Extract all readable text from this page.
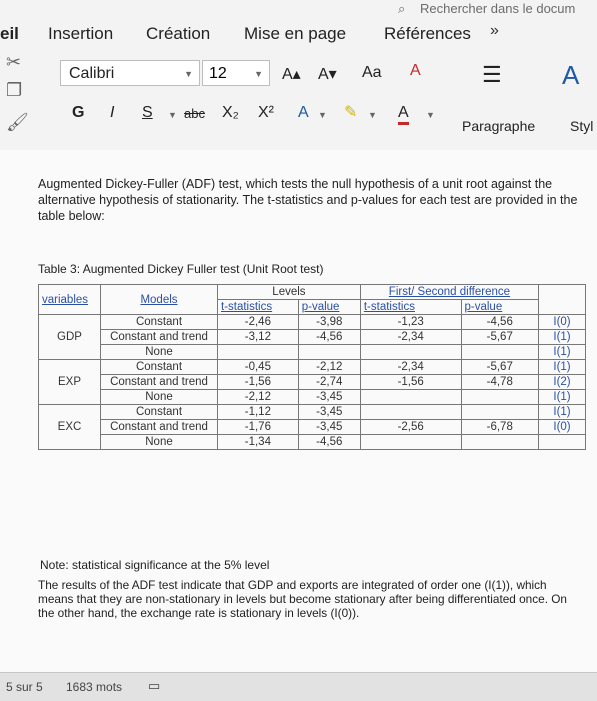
⌕ Rechercher dans le docum
eil Insertion Création Mise en page Références »
✂
❐
🖌
Calibri	▼	12	▼ A▴ A▾ Aa A	☰ A
G I S ▼ abc X₂ X² A ▼ ✎ ▼ A ▼
Paragraphe Styl
Augmented Dickey-Fuller (ADF) test, which tests the null hypothesis of a unit root against the alternative hypothesis of stationarity. The t-statistics and p-values for each test are provided in the table below:
Table 3: Augmented Dickey Fuller test (Unit Root test)
variables	Models	Levels		First/ Second difference		
		t-statistics	p-value	t-statistics	p-value	
GDP	Constant	-2,46	-3,98	-1,23	-4,56	I(0)
	Constant and trend	-3,12	-4,56	-2,34	-5,67	I(1)
	None					I(1)
EXP	Constant	-0,45	-2,12	-2,34	-5,67	I(1)
	Constant and trend	-1,56	-2,74	-1,56	-4,78	I(2)
	None	-2,12	-3,45			I(1)
EXC	Constant	-1,12	-3,45			I(1)
	Constant and trend	-1,76	-3,45	-2,56	-6,78	I(0)
	None	-1,34	-4,56			
Note: statistical significance at the 5% level
The results of the ADF test indicate that GDP and exports are integrated of order one (I(1)), which means that they are non-stationary in levels but become stationary after being differentiated once. On the other hand, the exchange rate is stationary in levels (I(0)).
5 sur 5 1683 mots ▭
